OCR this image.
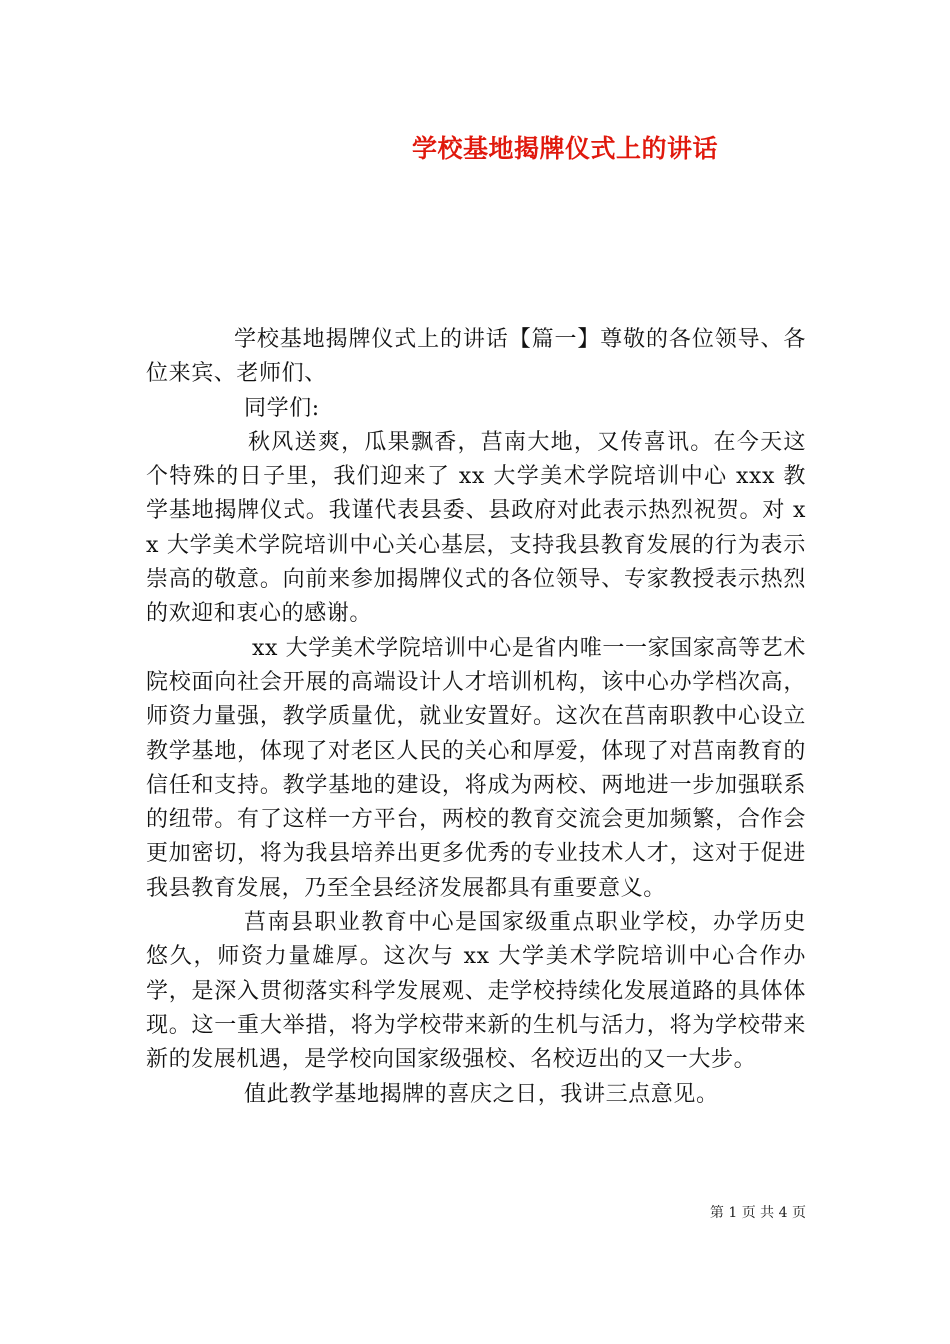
学校基地揭牌仪式上的讲话

学校基地揭牌仪式上的讲话【篇一】尊敬的各位领导、各位来宾、老师们、

同学们:

秋风送爽，瓜果飘香，莒南大地，又传喜讯。在今天这个特殊的日子里，我们迎来了 xx 大学美术学院培训中心 xxx 教学基地揭牌仪式。我谨代表县委、县政府对此表示热烈祝贺。对 xx 大学美术学院培训中心关心基层，支持我县教育发展的行为表示崇高的敬意。向前来参加揭牌仪式的各位领导、专家教授表示热烈的欢迎和衷心的感谢。

xx 大学美术学院培训中心是省内唯一一家国家高等艺术院校面向社会开展的高端设计人才培训机构，该中心办学档次高，师资力量强，教学质量优，就业安置好。这次在莒南职教中心设立教学基地，体现了对老区人民的关心和厚爱，体现了对莒南教育的信任和支持。教学基地的建设，将成为两校、两地进一步加强联系的纽带。有了这样一方平台，两校的教育交流会更加频繁，合作会更加密切，将为我县培养出更多优秀的专业技术人才，这对于促进我县教育发展，乃至全县经济发展都具有重要意义。

莒南县职业教育中心是国家级重点职业学校，办学历史悠久，师资力量雄厚。这次与 xx 大学美术学院培训中心合作办学，是深入贯彻落实科学发展观、走学校持续化发展道路的具体体现。这一重大举措，将为学校带来新的生机与活力，将为学校带来新的发展机遇，是学校向国家级强校、名校迈出的又一大步。

值此教学基地揭牌的喜庆之日，我讲三点意见。

第 1 页 共 4 页
